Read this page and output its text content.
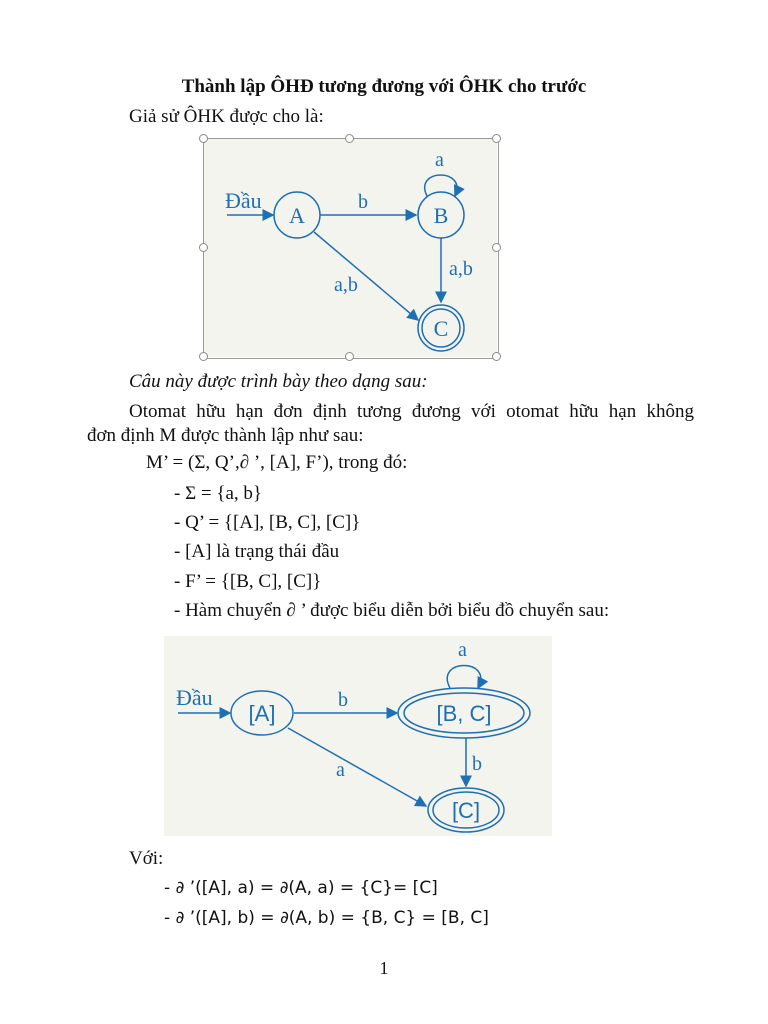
Thành lập ÔHĐ tương đương với ÔHK cho trước
Giả sử ÔHK được cho là:
Đầu
A	B
C
b
a
a,b
a,b
Câu này được trình bày theo dạng sau:
Otomat hữu hạn đơn định tương đương với otomat hữu hạn không
đơn định M được thành lập như sau:
M’ = (Σ, Q’,∂ ’, [A], F’), trong đó:
- Σ = {a, b}
- Q’ = {[A], [B, C], [C]}
- [A] là trạng thái đầu
- F’ = {[B, C], [C]}
- Hàm chuyển ∂ ’ được biểu diễn bởi biểu đồ chuyển sau:
Đầu
[A]	[B, C]
[C]
b
a
b
a
Với:
- ∂ ’([A], a) = ∂(A, a) = {C}= [C]
- ∂ ’([A], b) = ∂(A, b) = {B, C} = [B, C]
1
